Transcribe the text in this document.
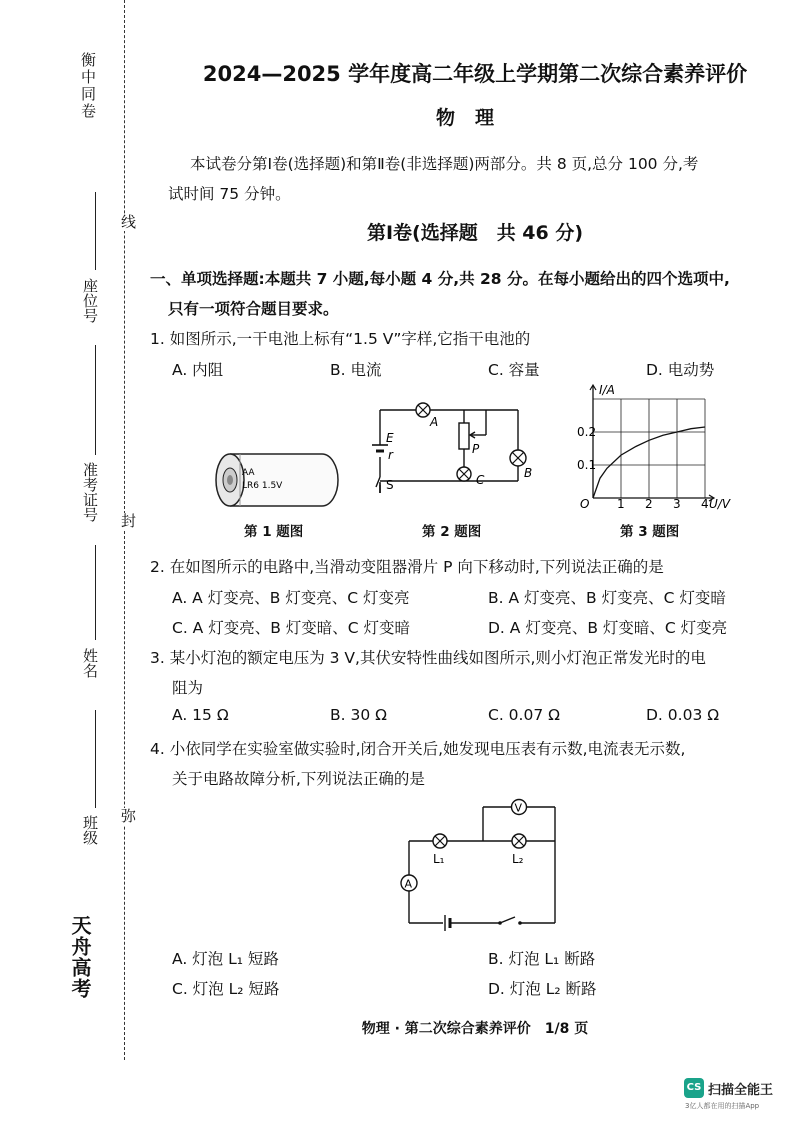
衡中同卷
线
封
弥
座位号
准考证号
姓名
班级
天舟高考
2024—2025 学年度高二年级上学期第二次综合素养评价
物理
本试卷分第Ⅰ卷(选择题)和第Ⅱ卷(非选择题)两部分。共 8 页,总分 100 分,考
试时间 75 分钟。
第Ⅰ卷(选择题　共 46 分)
一、单项选择题:本题共 7 小题,每小题 4 分,共 28 分。在每小题给出的四个选项中,
只有一项符合题目要求。
1. 如图所示,一干电池上标有“1.5 V”字样,它指干电池的
A. 内阻	B. 电流	C. 容量	D. 电动势
AA
LR6 1.5V
第 1 题图
A
B
C
P
E
r
S
第 2 题图
1 2 3 4
0.1
0.2
I/A
U/V
O
第 3 题图
2. 在如图所示的电路中,当滑动变阻器滑片 P 向下移动时,下列说法正确的是
A. A 灯变亮、B 灯变亮、C 灯变亮	B. A 灯变亮、B 灯变亮、C 灯变暗
C. A 灯变亮、B 灯变暗、C 灯变暗	D. A 灯变亮、B 灯变暗、C 灯变亮
3. 某小灯泡的额定电压为 3 V,其伏安特性曲线如图所示,则小灯泡正常发光时的电
阻为
A. 15 Ω	B. 30 Ω	C. 0.07 Ω	D. 0.03 Ω
4. 小依同学在实验室做实验时,闭合开关后,她发现电压表有示数,电流表无示数,
关于电路故障分析,下列说法正确的是
V
A
L₁	L₂
A. 灯泡 L₁ 短路	B. 灯泡 L₁ 断路
C. 灯泡 L₂ 短路	D. 灯泡 L₂ 断路
物理 · 第二次综合素养评价　1/8 页
CS 扫描全能王
3亿人都在用的扫描App
